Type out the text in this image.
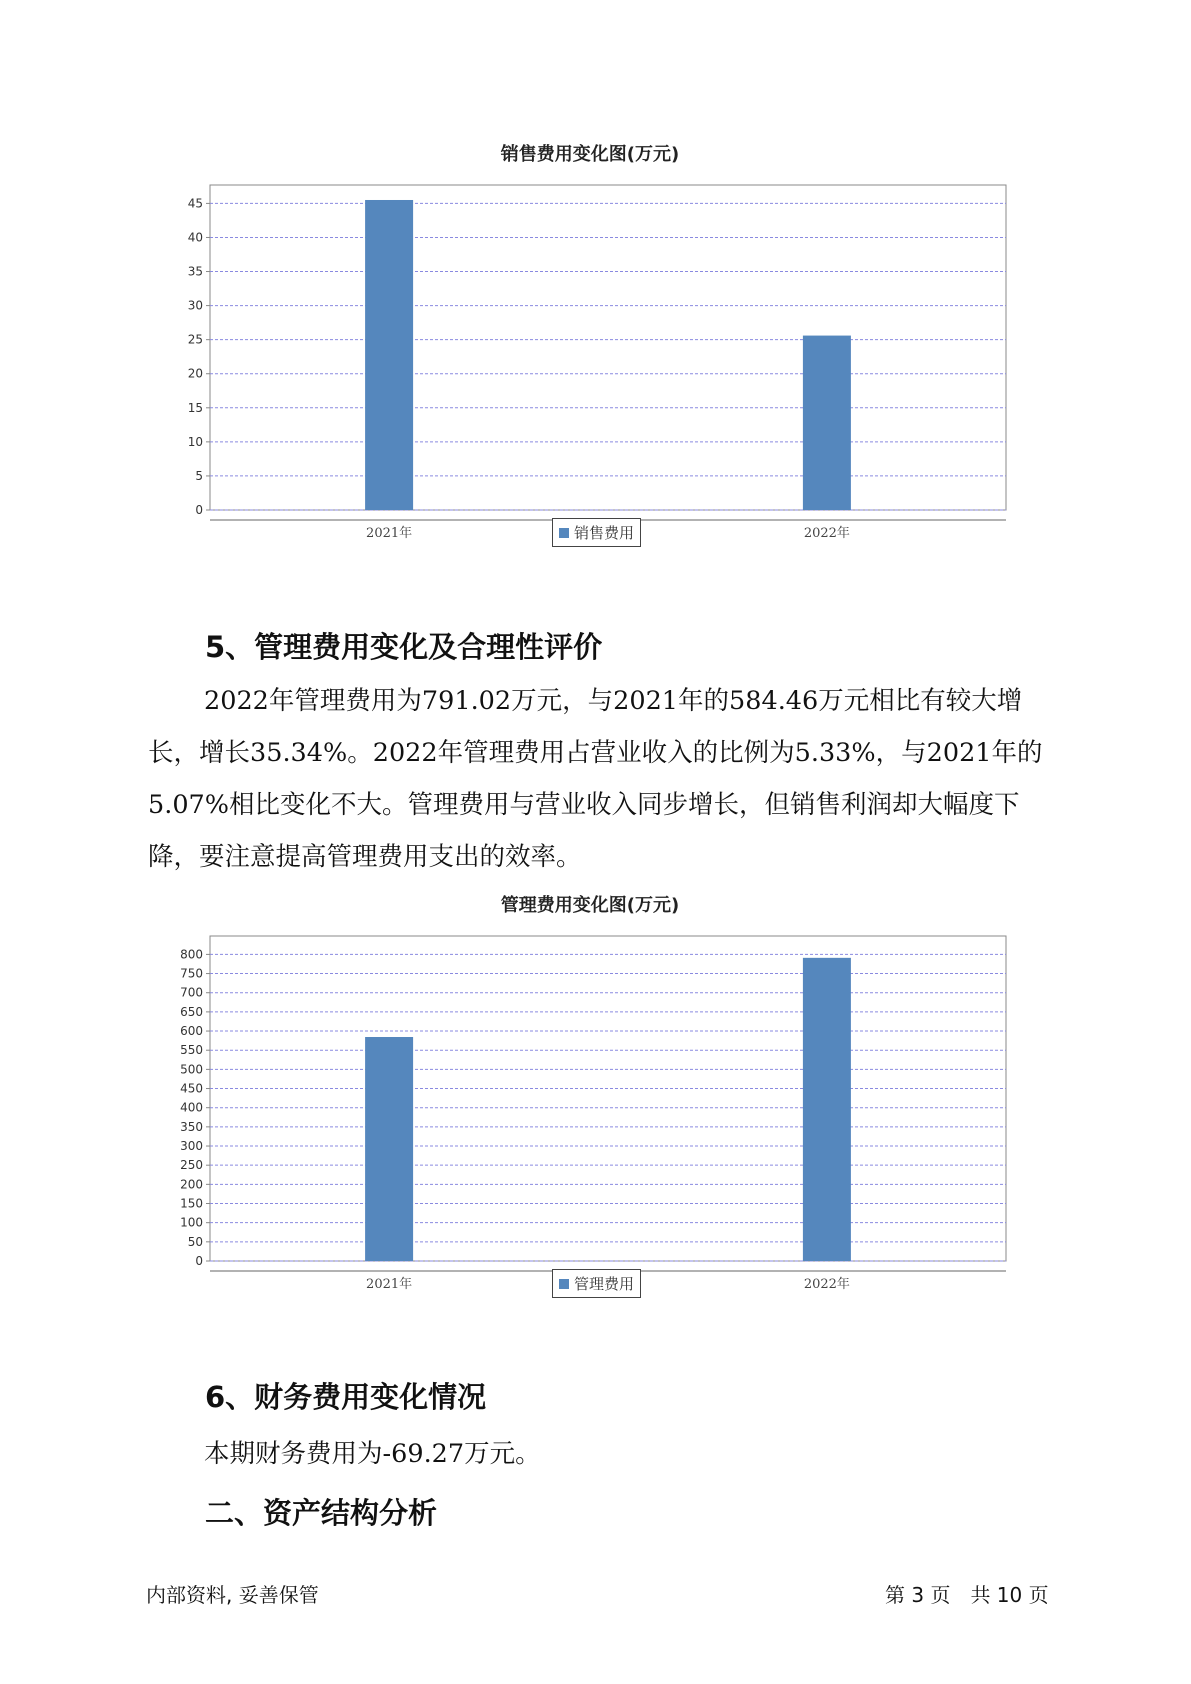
销售费用变化图(万元)
0
5
10
15
20
25
30
35
40
45
2021年	2022年
销售费用
5、管理费用变化及合理性评价

2022年管理费用为791.02万元，与2021年的584.46万元相比有较大增长，增长35.34%。2022年管理费用占营业收入的比例为5.33%，与2021年的5.07%相比变化不大。管理费用与营业收入同步增长，但销售利润却大幅度下降，要注意提高管理费用支出的效率。

管理费用变化图(万元)
0
50
100
150
200
250
300
350
400
450
500
550
600
650
700
750
800
2021年	2022年
管理费用
6、财务费用变化情况

本期财务费用为-69.27万元。

二、资产结构分析
内部资料, 妥善保管	第 3 页　共 10 页
